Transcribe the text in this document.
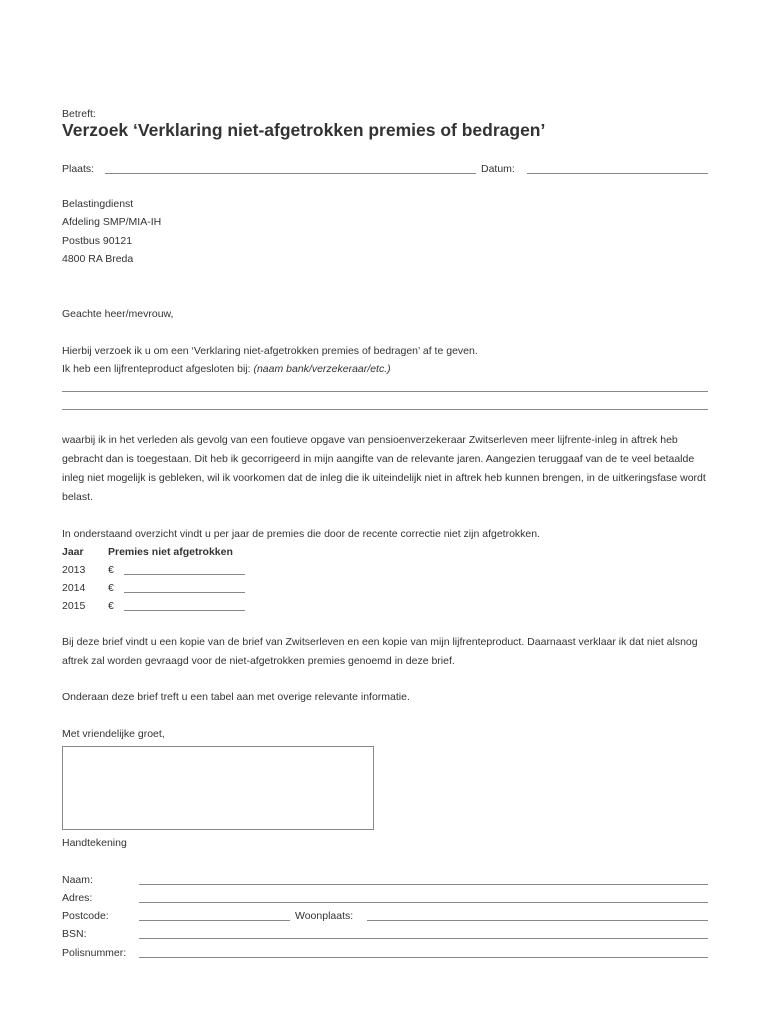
Betreft:
Verzoek ‘Verklaring niet-afgetrokken premies of bedragen’
Plaats:	Datum:
Belastingdienst
Afdeling SMP/MIA-IH
Postbus 90121
4800 RA Breda
Geachte heer/mevrouw,
Hierbij verzoek ik u om een ‘Verklaring niet-afgetrokken premies of bedragen’ af te geven.
Ik heb een lijfrenteproduct afgesloten bij: (naam bank/verzekeraar/etc.)
waarbij ik in het verleden als gevolg van een foutieve opgave van pensioenverzekeraar Zwitserleven meer lijfrente-inleg in aftrek heb gebracht dan is toegestaan. Dit heb ik gecorrigeerd in mijn aangifte van de relevante jaren. Aangezien teruggaaf van de te veel betaalde inleg niet mogelijk is gebleken, wil ik voorkomen dat de inleg die ik uiteindelijk niet in aftrek heb kunnen brengen, in de uitkeringsfase wordt belast.
In onderstaand overzicht vindt u per jaar de premies die door de recente correctie niet zijn afgetrokken.
Jaar Premies niet afgetrokken
2013 €
2014 €
2015 €
Bij deze brief vindt u een kopie van de brief van Zwitserleven en een kopie van mijn lijfrenteproduct. Daarnaast verklaar ik dat niet alsnog aftrek zal worden gevraagd voor de niet-afgetrokken premies genoemd in deze brief.
Onderaan deze brief treft u een tabel aan met overige relevante informatie.
Met vriendelijke groet,
Handtekening
Naam:
Adres:
Postcode:	Woonplaats:
BSN:
Polisnummer:
